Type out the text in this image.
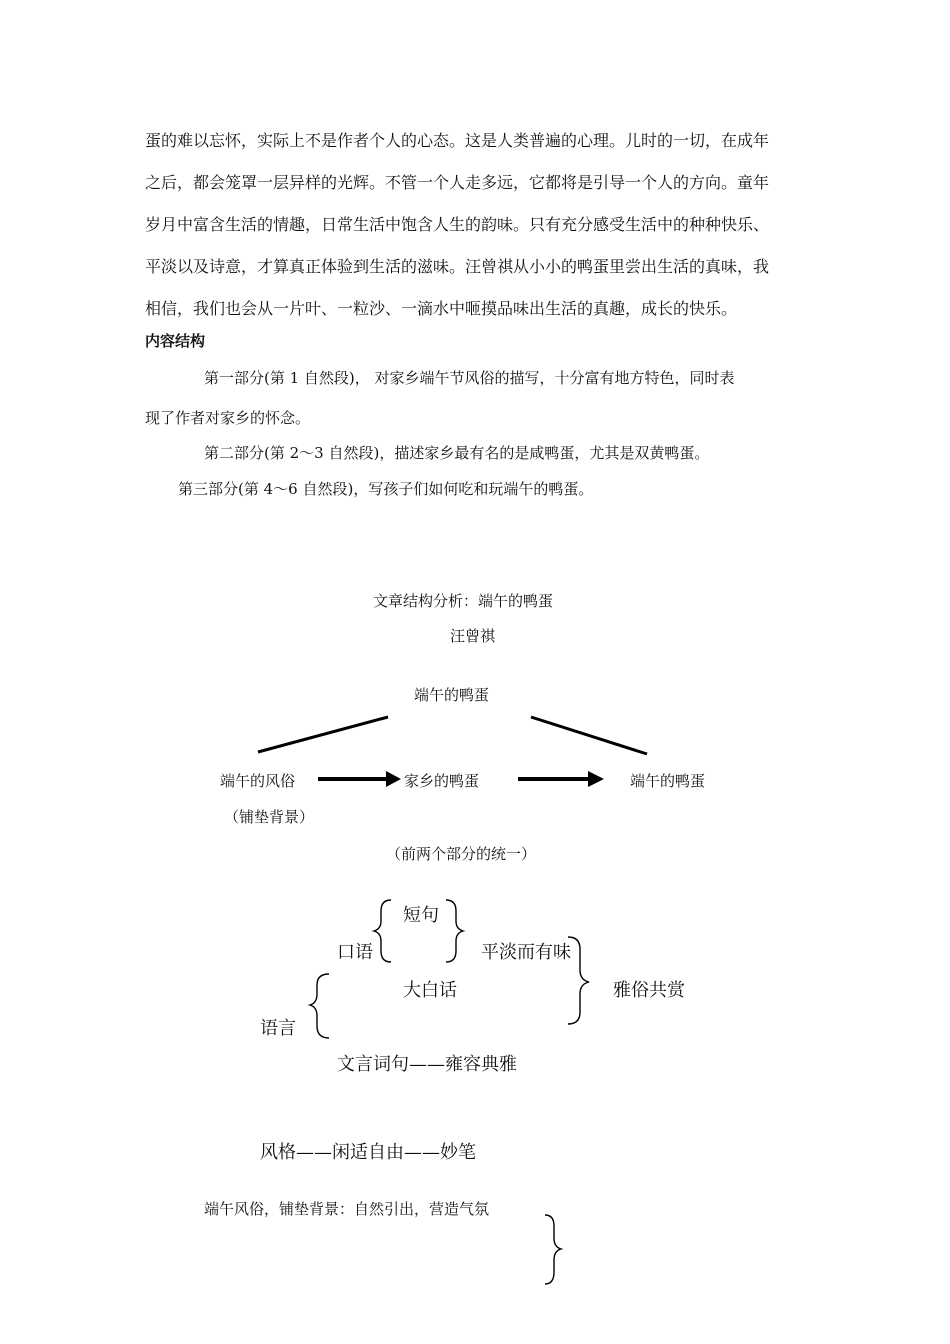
蛋的难以忘怀，实际上不是作者个人的心态。这是人类普遍的心理。儿时的一切，在成年

之后，都会笼罩一层异样的光辉。不管一个人走多远，它都将是引导一个人的方向。童年

岁月中富含生活的情趣，日常生活中饱含人生的韵味。只有充分感受生活中的种种快乐、

平淡以及诗意，才算真正体验到生活的滋味。汪曾祺从小小的鸭蛋里尝出生活的真味，我

相信，我们也会从一片叶、一粒沙、一滴水中咂摸品味出生活的真趣，成长的快乐。

内容结构
第一部分(第 1 自然段)， 对家乡端午节风俗的描写，十分富有地方特色，同时表
现了作者对家乡的怀念。
第二部分(第 2～3 自然段)，描述家乡最有名的是咸鸭蛋，尤其是双黄鸭蛋。
第三部分(第 4～6 自然段)，写孩子们如何吃和玩端午的鸭蛋。
文章结构分析：端午的鸭蛋
汪曾祺
端午的鸭蛋
端午的风俗
（铺垫背景）
家乡的鸭蛋	端午的鸭蛋
（前两个部分的统一）
短句
口语	平淡而有味
大白话	雅俗共赏
语言
文言词句——雍容典雅
风格——闲适自由——妙笔
端午风俗，铺垫背景：自然引出，营造气氛
